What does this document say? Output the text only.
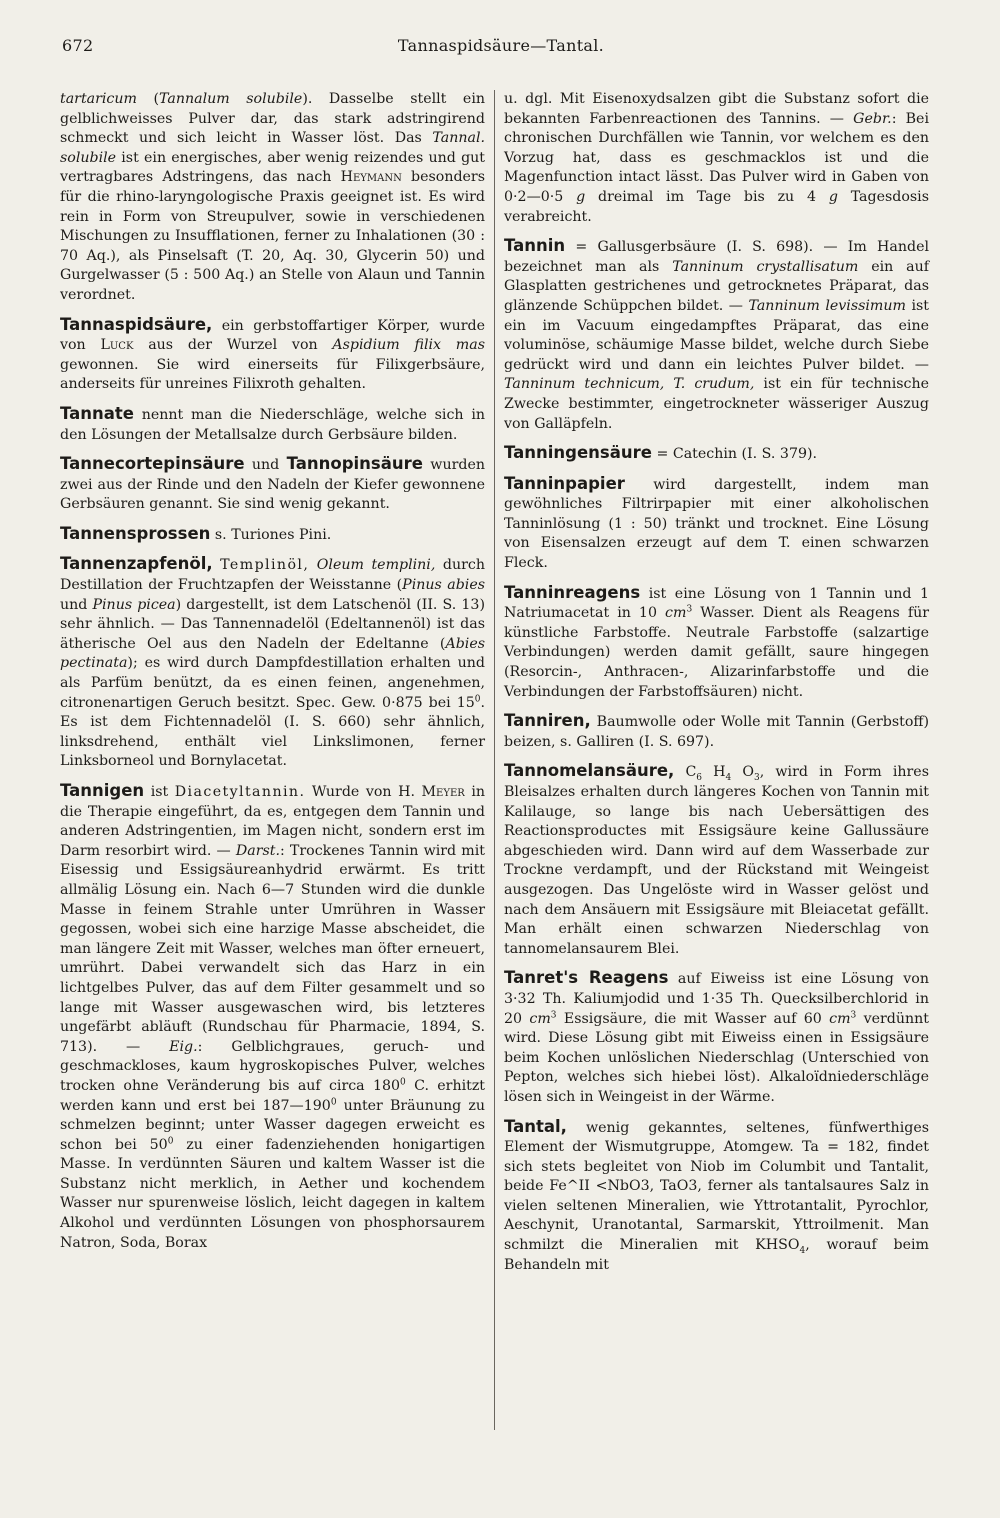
672	Tannaspidsäure—Tantal.

tartaricum (Tannalum solubile). Dasselbe stellt ein gelblichweisses Pulver dar, das stark adstringirend schmeckt und sich leicht in Wasser löst. Das Tannal. solubile ist ein energisches, aber wenig reizendes und gut vertragbares Adstringens, das nach Heymann besonders für die rhino-laryngologische Praxis geeignet ist. Es wird rein in Form von Streupulver, sowie in verschiedenen Mischungen zu Insufflationen, ferner zu Inhalationen (30 : 70 Aq.), als Pinselsaft (T. 20, Aq. 30, Glycerin 50) und Gurgelwasser (5 : 500 Aq.) an Stelle von Alaun und Tannin verordnet.

Tannaspidsäure, ein gerbstoffartiger Körper, wurde von Luck aus der Wurzel von Aspidium filix mas gewonnen. Sie wird einerseits für Filixgerbsäure, anderseits für unreines Filixroth gehalten.

Tannate nennt man die Niederschläge, welche sich in den Lösungen der Metallsalze durch Gerbsäure bilden.

Tannecortepinsäure und Tannopinsäure wurden zwei aus der Rinde und den Nadeln der Kiefer gewonnene Gerbsäuren genannt. Sie sind wenig gekannt.

Tannensprossen s. Turiones Pini.

Tannenzapfenöl, Templinöl, Oleum templini, durch Destillation der Fruchtzapfen der Weisstanne (Pinus abies und Pinus picea) dargestellt, ist dem Latschenöl (II. S. 13) sehr ähnlich. — Das Tannennadelöl (Edeltannenöl) ist das ätherische Oel aus den Nadeln der Edeltanne (Abies pectinata); es wird durch Dampfdestillation erhalten und als Parfüm benützt, da es einen feinen, angenehmen, citronenartigen Geruch besitzt. Spec. Gew. 0·875 bei $15^0$. Es ist dem Fichtennadelöl (I. S. 660) sehr ähnlich, linksdrehend, enthält viel Linkslimonen, ferner Linksborneol und Bornylacetat.

Tannigen ist Diacetyltannin. Wurde von H. Meyer in die Therapie eingeführt, da es, entgegen dem Tannin und anderen Adstringentien, im Magen nicht, sondern erst im Darm resorbirt wird. — Darst.: Trockenes Tannin wird mit Eisessig und Essigsäureanhydrid erwärmt. Es tritt allmälig Lösung ein. Nach 6—7 Stunden wird die dunkle Masse in feinem Strahle unter Umrühren in Wasser gegossen, wobei sich eine harzige Masse abscheidet, die man längere Zeit mit Wasser, welches man öfter erneuert, umrührt. Dabei verwandelt sich das Harz in ein lichtgelbes Pulver, das auf dem Filter gesammelt und so lange mit Wasser ausgewaschen wird, bis letzteres ungefärbt abläuft (Rundschau für Pharmacie, 1894, S. 713). — Eig.: Gelblichgraues, geruch- und geschmackloses, kaum hygroskopisches Pulver, welches trocken ohne Veränderung bis auf circa $180^0$ C. erhitzt werden kann und erst bei $187—190^0$ unter Bräunung zu schmelzen beginnt; unter Wasser dagegen erweicht es schon bei $50^0$ zu einer fadenziehenden honigartigen Masse. In verdünnten Säuren und kaltem Wasser ist die Substanz nicht merklich, in Aether und kochendem Wasser nur spurenweise löslich, leicht dagegen in kaltem Alkohol und verdünnten Lösungen von phosphorsaurem Natron, Soda, Borax

u. dgl. Mit Eisenoxydsalzen gibt die Substanz sofort die bekannten Farbenreactionen des Tannins. — Gebr.: Bei chronischen Durchfällen wie Tannin, vor welchem es den Vorzug hat, dass es geschmacklos ist und die Magenfunction intact lässt. Das Pulver wird in Gaben von 0·2—0·5 g dreimal im Tage bis zu 4 g Tagesdosis verabreicht.

Tannin = Gallusgerbsäure (I. S. 698). — Im Handel bezeichnet man als Tanninum crystallisatum ein auf Glasplatten gestrichenes und getrocknetes Präparat, das glänzende Schüppchen bildet. — Tanninum levissimum ist ein im Vacuum eingedampftes Präparat, das eine voluminöse, schäumige Masse bildet, welche durch Siebe gedrückt wird und dann ein leichtes Pulver bildet. — Tanninum technicum, T. crudum, ist ein für technische Zwecke bestimmter, eingetrockneter wässeriger Auszug von Galläpfeln.

Tanningensäure = Catechin (I. S. 379).

Tanninpapier wird dargestellt, indem man gewöhnliches Filtrirpapier mit einer alkoholischen Tanninlösung (1 : 50) tränkt und trocknet. Eine Lösung von Eisensalzen erzeugt auf dem T. einen schwarzen Fleck.

Tanninreagens ist eine Lösung von 1 Tannin und 1 Natriumacetat in 10 $cm^3$ Wasser. Dient als Reagens für künstliche Farbstoffe. Neutrale Farbstoffe (salzartige Verbindungen) werden damit gefällt, saure hingegen (Resorcin-, Anthracen-, Alizarinfarbstoffe und die Verbindungen der Farbstoffsäuren) nicht.

Tanniren, Baumwolle oder Wolle mit Tannin (Gerbstoff) beizen, s. Galliren (I. S. 697).

Tannomelansäure, $C_6$ $H_4$ $O_3$, wird in Form ihres Bleisalzes erhalten durch längeres Kochen von Tannin mit Kalilauge, so lange bis nach Uebersättigen des Reactionsproductes mit Essigsäure keine Gallussäure abgeschieden wird. Dann wird auf dem Wasserbade zur Trockne verdampft, und der Rückstand mit Weingeist ausgezogen. Das Ungelöste wird in Wasser gelöst und nach dem Ansäuern mit Essigsäure mit Bleiacetat gefällt. Man erhält einen schwarzen Niederschlag von tannomelansaurem Blei.

Tanret's Reagens auf Eiweiss ist eine Lösung von 3·32 Th. Kaliumjodid und 1·35 Th. Quecksilberchlorid in 20 $cm^3$ Essigsäure, die mit Wasser auf 60 $cm^3$ verdünnt wird. Diese Lösung gibt mit Eiweiss einen in Essigsäure beim Kochen unlöslichen Niederschlag (Unterschied von Pepton, welches sich hiebei löst). Alkaloïdniederschläge lösen sich in Weingeist in der Wärme.

Tantal, wenig gekanntes, seltenes, fünfwerthiges Element der Wismutgruppe, Atomgew. Ta = 182, findet sich stets begleitet von Niob im Columbit und Tantalit, beide Fe^II <NbO3, TaO3, ferner als tantalsaures Salz in vielen seltenen Mineralien, wie Yttrotantalit, Pyrochlor, Aeschynit, Uranotantal, Sarmarskit, Yttroilmenit. Man schmilzt die Mineralien mit $KHSO_4$, worauf beim Behandeln mit
